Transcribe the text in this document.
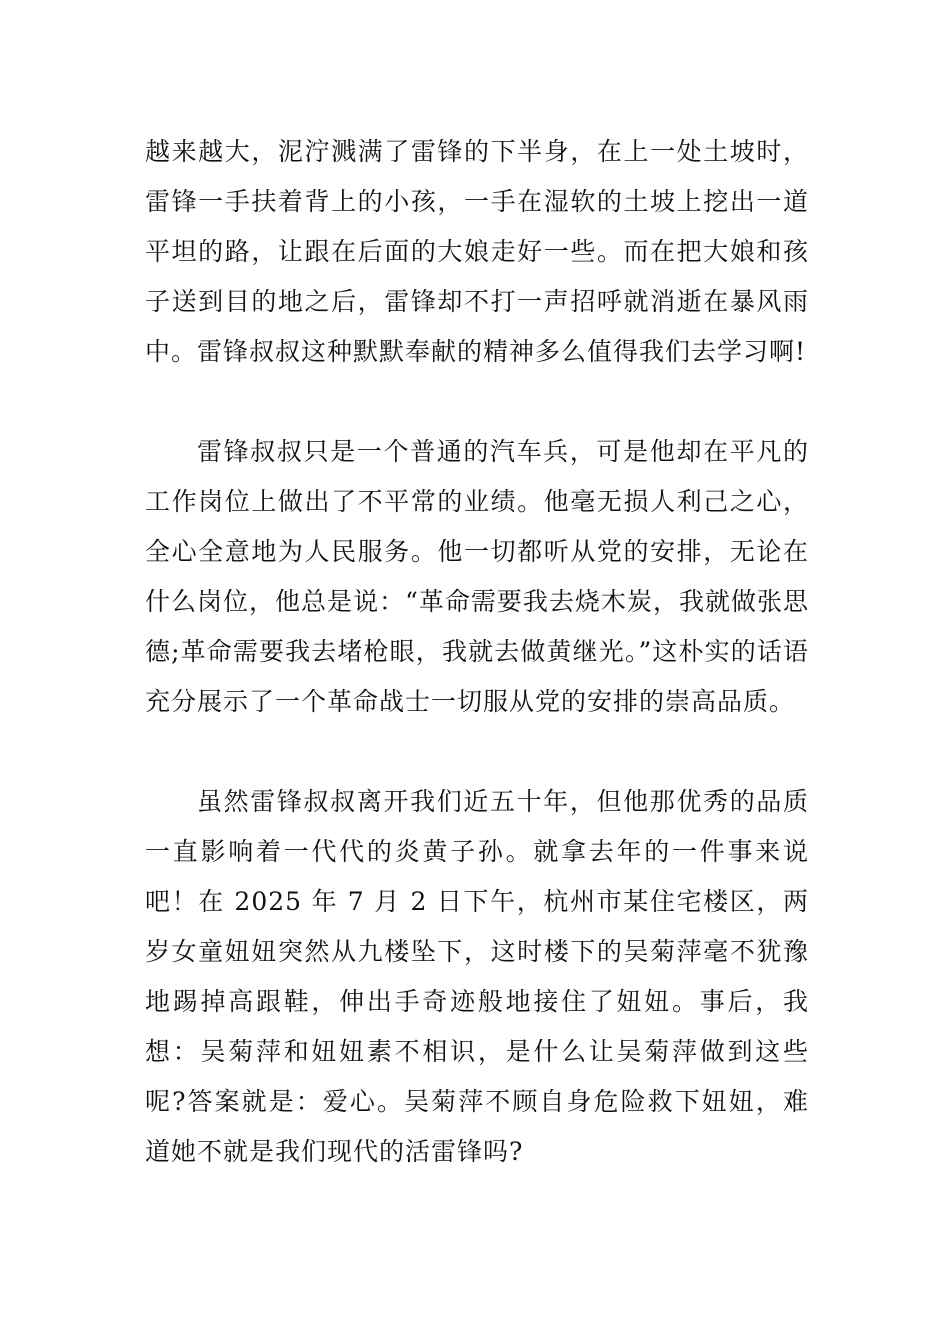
越来越大，泥泞溅满了雷锋的下半身，在上一处土坡时，雷锋一手扶着背上的小孩，一手在湿软的土坡上挖出一道平坦的路，让跟在后面的大娘走好一些。而在把大娘和孩子送到目的地之后，雷锋却不打一声招呼就消逝在暴风雨中。雷锋叔叔这种默默奉献的精神多么值得我们去学习啊!

雷锋叔叔只是一个普通的汽车兵，可是他却在平凡的工作岗位上做出了不平常的业绩。他毫无损人利己之心，全心全意地为人民服务。他一切都听从党的安排，无论在什么岗位，他总是说：“革命需要我去烧木炭，我就做张思德;革命需要我去堵枪眼，我就去做黄继光。”这朴实的话语充分展示了一个革命战士一切服从党的安排的崇高品质。

虽然雷锋叔叔离开我们近五十年，但他那优秀的品质一直影响着一代代的炎黄子孙。就拿去年的一件事来说吧！在 2025 年 7 月 2 日下午，杭州市某住宅楼区，两岁女童妞妞突然从九楼坠下，这时楼下的吴菊萍毫不犹豫地踢掉高跟鞋，伸出手奇迹般地接住了妞妞。事后，我想：吴菊萍和妞妞素不相识，是什么让吴菊萍做到这些呢?答案就是：爱心。吴菊萍不顾自身危险救下妞妞，难道她不就是我们现代的活雷锋吗?
